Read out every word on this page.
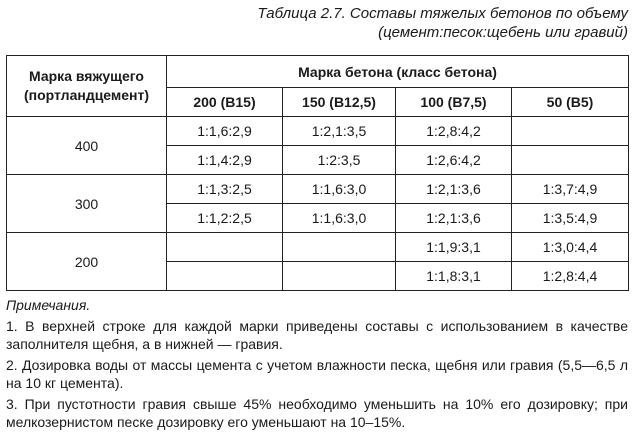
Таблица 2.7. Составы тяжелых бетонов по объему
(цемент:песок:щебень или гравий)
Марка вяжущего
(портландцемент)	Марка бетона (класс бетона)			
	200 (В15)	150 (В12,5)	100 (В7,5)	50 (В5)
400	1:1,6:2,9	1:2,1:3,5	1:2,8:4,2	
	1:1,4:2,9	1:2:3,5	1:2,6:4,2	
300	1:1,3:2,5	1:1,6:3,0	1:2,1:3,6	1:3,7:4,9
	1:1,2:2,5	1:1,6:3,0	1:2,1:3,6	1:3,5:4,9
200			1:1,9:3,1	1:3,0:4,4
			1:1,8:3,1	1:2,8:4,4
Примечания.
1. В верхней строке для каждой марки приведены составы с использованием в качестве заполнителя щебня, а в нижней — гравия.
2. Дозировка воды от массы цемента с учетом влажности песка, щебня или гравия (5,5—6,5 л на 10 кг цемента).
3. При пустотности гравия свыше 45% необходимо уменьшить на 10% его дозировку; при мелкозернистом песке дозировку его уменьшают на 10–15%.
